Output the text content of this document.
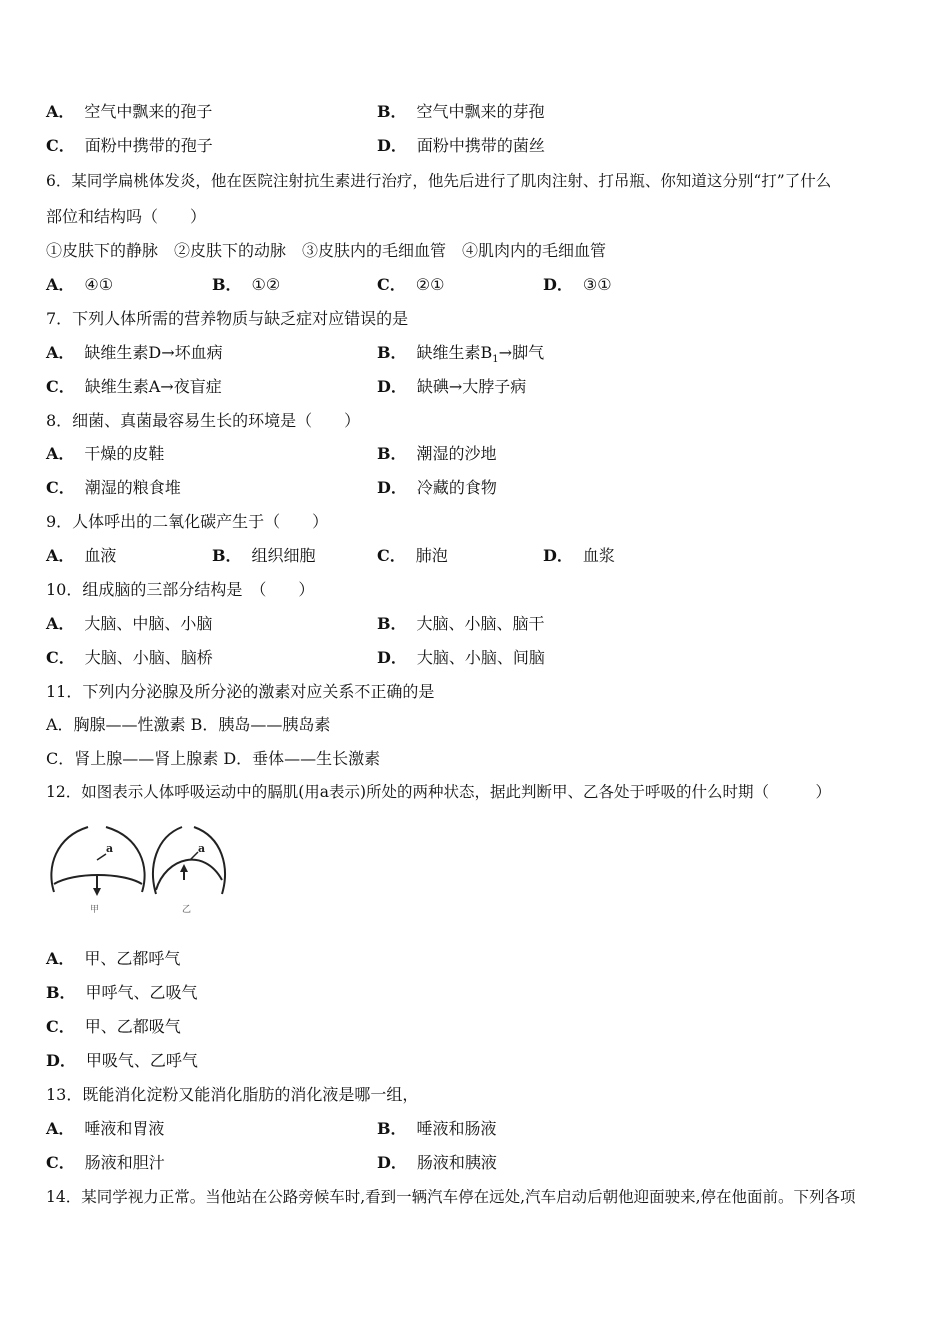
A． 空气中飘来的孢子	B． 空气中飘来的芽孢
C． 面粉中携带的孢子	D． 面粉中携带的菌丝
6．某同学扁桃体发炎，他在医院注射抗生素进行治疗，他先后进行了肌肉注射、打吊瓶、你知道这分别“打”了什么
部位和结构吗（　　）
①皮肤下的静脉　②皮肤下的动脉　③皮肤内的毛细血管　④肌肉内的毛细血管
A． ④①	B． ①②	C． ②①	D． ③①
7．下列人体所需的营养物质与缺乏症对应错误的是
A． 缺维生素D→坏血病	B． 缺维生素$B_1\to$脚气
C． 缺维生素A→夜盲症	D． 缺碘→大脖子病
8．细菌、真菌最容易生长的环境是（　　）
A． 干燥的皮鞋	B． 潮湿的沙地
C． 潮湿的粮食堆	D． 冷藏的食物
9．人体呼出的二氧化碳产生于（　　）
A． 血液	B． 组织细胞	C． 肺泡	D． 血浆
10．组成脑的三部分结构是　（　　）
A． 大脑、中脑、小脑	B． 大脑、小脑、脑干
C． 大脑、小脑、脑桥	D． 大脑、小脑、间脑
11．下列内分泌腺及所分泌的激素对应关系不正确的是
A．胸腺——性激素 B．胰岛——胰岛素
C．肾上腺——肾上腺素 D．垂体——生长激素
12．如图表示人体呼吸运动中的膈肌(用a表示)所处的两种状态，据此判断甲、乙各处于呼吸的什么时期（　　　）
a
甲
a
乙
A． 甲、乙都呼气
B． 甲呼气、乙吸气
C． 甲、乙都吸气
D． 甲吸气、乙呼气
13．既能消化淀粉又能消化脂肪的消化液是哪一组，
A． 唾液和胃液	B． 唾液和肠液
C． 肠液和胆汁	D． 肠液和胰液
14．某同学视力正常。当他站在公路旁候车时,看到一辆汽车停在远处,汽车启动后朝他迎面驶来,停在他面前。下列各项
